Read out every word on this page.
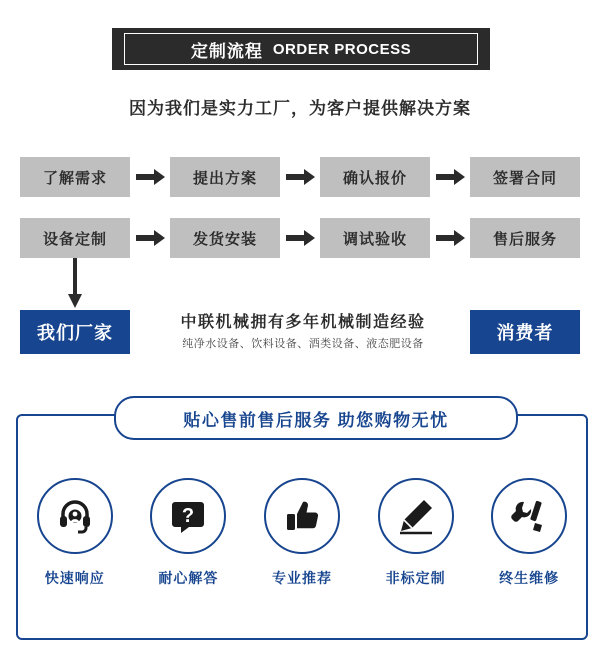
定制流程 ORDER PROCESS
因为我们是实力工厂，为客户提供解决方案
了解需求	提出方案	确认报价	签署合同
设备定制	发货安装	调试验收	售后服务
我们厂家
中联机械拥有多年机械制造经验
纯净水设备、饮料设备、酒类设备、液态肥设备
消费者
贴心售前售后服务 助您购物无忧
快速响应
?
耐心解答	专业推荐	非标定制	终生维修
